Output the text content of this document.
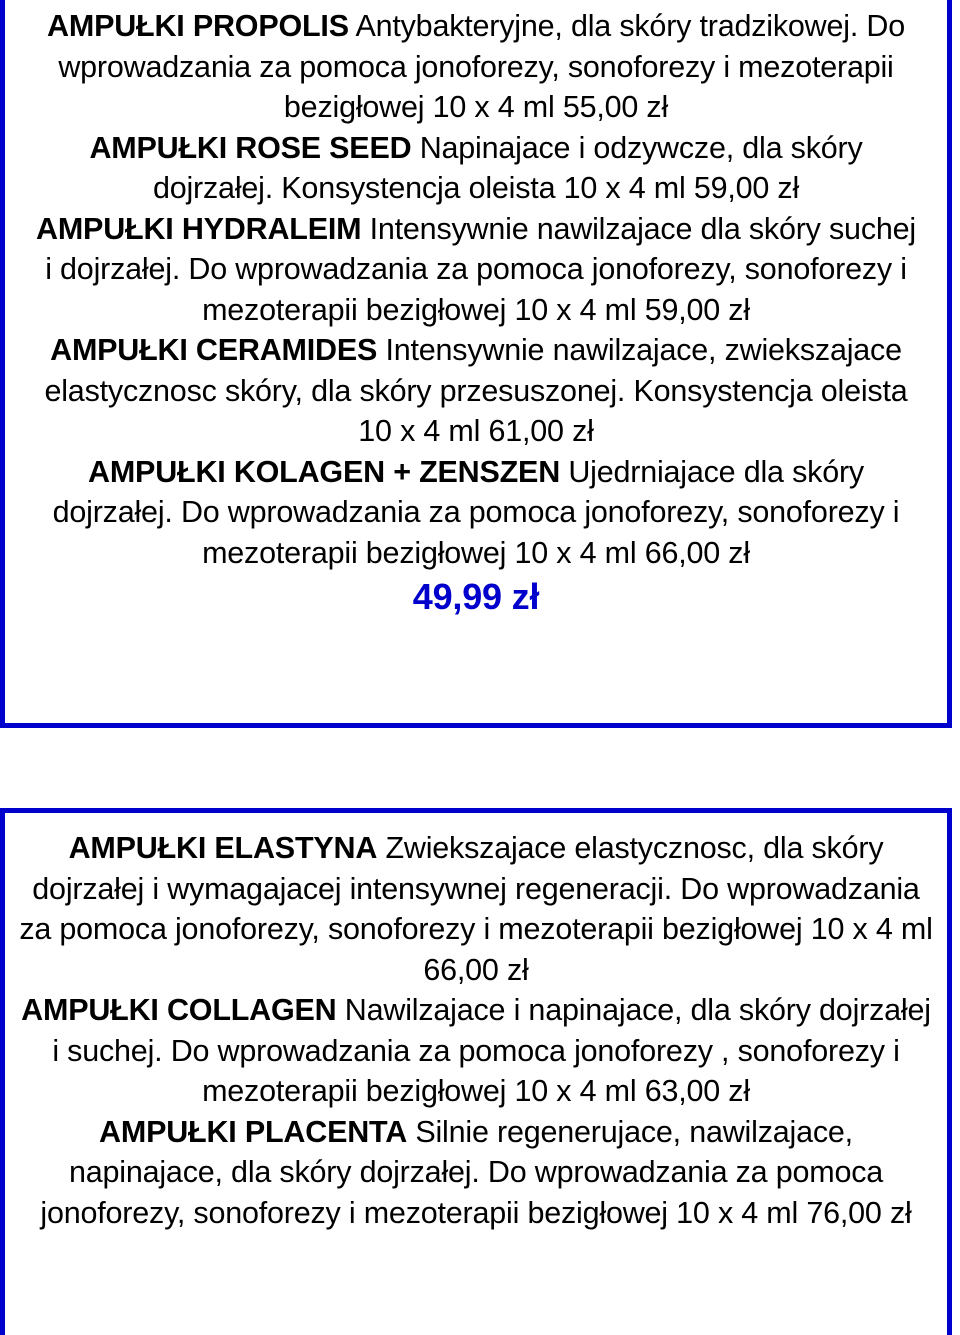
AMPUŁKI PROPOLIS Antybakteryjne, dla skóry tradzikowej. Do wprowadzania za pomoca jonoforezy, sonoforezy i mezoterapii bezigłowej 10 x 4 ml 55,00 zł

AMPUŁKI ROSE SEED Napinajace i odzywcze, dla skóry dojrzałej. Konsystencja oleista 10 x 4 ml 59,00 zł

AMPUŁKI HYDRALEIM Intensywnie nawilzajace dla skóry suchej i dojrzałej. Do wprowadzania za pomoca jonoforezy, sonoforezy i mezoterapii bezigłowej 10 x 4 ml 59,00 zł

AMPUŁKI CERAMIDES Intensywnie nawilzajace, zwiekszajace elastycznosc skóry, dla skóry przesuszonej. Konsystencja oleista 10 x 4 ml 61,00 zł

AMPUŁKI KOLAGEN + ZENSZEN Ujedrniajace dla skóry dojrzałej. Do wprowadzania za pomoca jonoforezy, sonoforezy i mezoterapii bezigłowej 10 x 4 ml 66,00 zł

49,99 zł

AMPUŁKI ELASTYNA Zwiekszajace elastycznosc, dla skóry dojrzałej i wymagajacej intensywnej regeneracji. Do wprowadzania za pomoca jonoforezy, sonoforezy i mezoterapii bezigłowej 10 x 4 ml 66,00 zł

AMPUŁKI COLLAGEN Nawilzajace i napinajace, dla skóry dojrzałej i suchej. Do wprowadzania za pomoca jonoforezy , sonoforezy i mezoterapii bezigłowej 10 x 4 ml 63,00 zł

AMPUŁKI PLACENTA Silnie regenerujace, nawilzajace, napinajace, dla skóry dojrzałej. Do wprowadzania za pomoca jonoforezy, sonoforezy i mezoterapii bezigłowej 10 x 4 ml 76,00 zł
